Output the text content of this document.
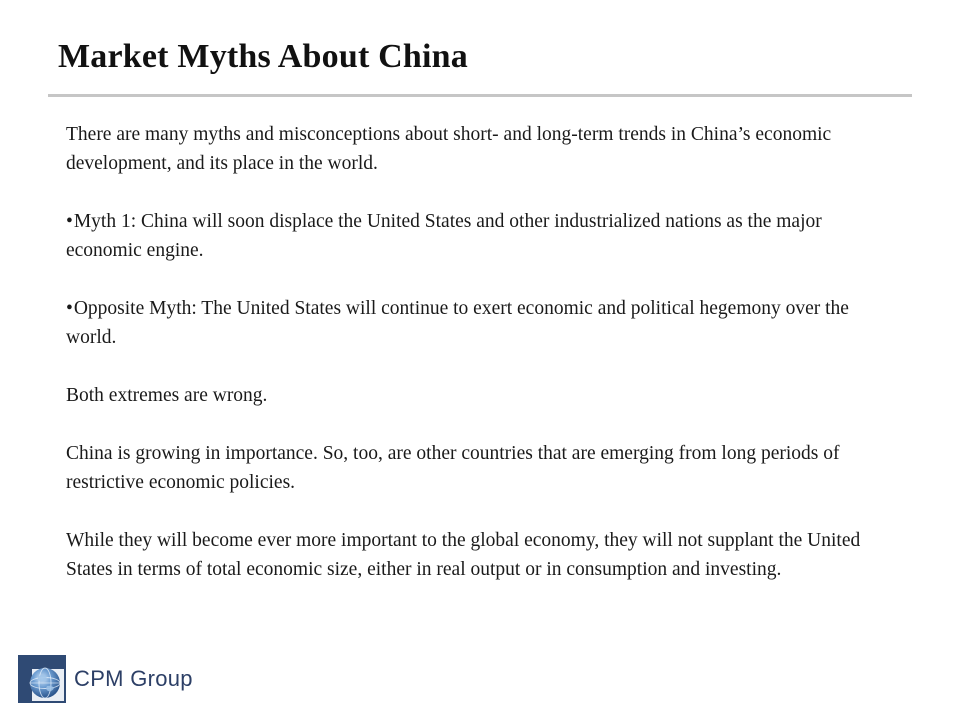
Market Myths About China

There are many myths and misconceptions about short- and long-term trends in China’s economic development, and its place in the world.

•Myth 1: China will soon displace the United States and other industrialized nations as the major economic engine.

•Opposite Myth: The United States will continue to exert economic and political hegemony over the world.

Both extremes are wrong.

China is growing in importance. So, too, are other countries that are emerging from long periods of restrictive economic policies.

While they will become ever more important to the global economy, they will not supplant the United States in terms of total economic size, either in real output or in consumption and investing.

CPM Group
